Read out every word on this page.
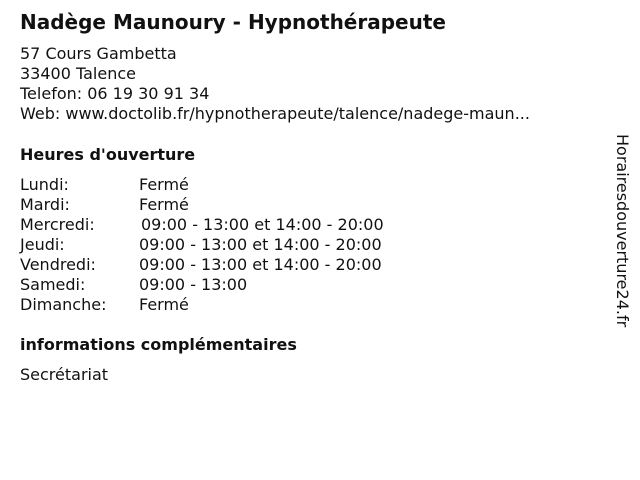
Nadège Maunoury - Hypnothérapeute
57 Cours Gambetta
33400 Talence
Telefon: 06 19 30 91 34
Web: www.doctolib.fr/hypnotherapeute/talence/nadege-maun...
Heures d'ouverture
Lundi:	Fermé
Mardi:	Fermé
Mercredi:	09:00 - 13:00 et 14:00 - 20:00
Jeudi:	09:00 - 13:00 et 14:00 - 20:00
Vendredi:	09:00 - 13:00 et 14:00 - 20:00
Samedi:	09:00 - 13:00
Dimanche: Fermé
informations complémentaires
Secrétariat
Horairesdouverture24.fr
